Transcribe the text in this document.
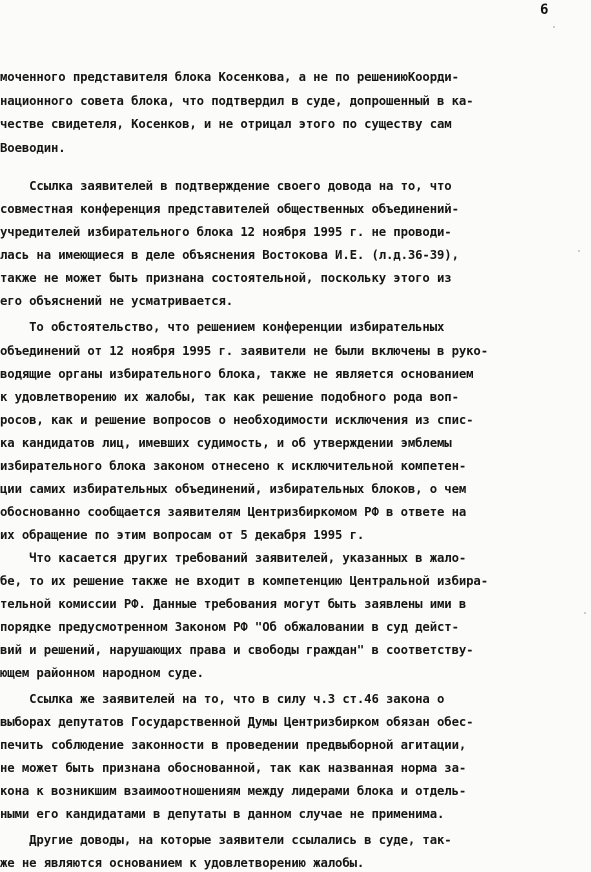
6
моченного представителя блока Косенкова, а не по решениюКоорди-
национного совета блока, что подтвердил в суде, допрошенный в ка-
честве свидетеля, Косенков, и не отрицал этого по существу сам
Воеводин.
Ссылка заявителей в подтверждение своего довода на то, что
совместная конференция представителей общественных объединений-
учредителей избирательного блока 12 ноября 1995 г. не проводи-
лась на имеющиеся в деле объяснения Востокова И.Е. (л.д.36-39),
также не может быть признана состоятельной, поскольку этого из
его объяснений не усматривается.
То обстоятельство, что решением конференции избирательных
объединений от 12 ноября 1995 г. заявители не были включены в руко-
водящие органы избирательного блока, также не является основанием
к удовлетворению их жалобы, так как решение подобного рода воп-
росов, как и решение вопросов о необходимости исключения из спис-
ка кандидатов лиц, имевших судимость, и об утверждении эмблемы
избирательного блока законом отнесено к исключительной компетен-
ции самих избирательных объединений, избирательных блоков, о чем
обоснованно сообщается заявителям Центризбиркомом РФ в ответе на
их обращение по этим вопросам от 5 декабря 1995 г.
Что касается других требований заявителей, указанных в жало-
бе, то их решение также не входит в компетенцию Центральной избира-
тельной комиссии РФ. Данные требования могут быть заявлены ими в
порядке предусмотренном Законом РФ "Об обжаловании в суд дейст-
вий и решений, нарушающих права и свободы граждан" в соответству-
ющем районном народном суде.
Ссылка же заявителей на то, что в силу ч.3 ст.46 закона о
выборах депутатов Государственной Думы Центризбирком обязан обес-
печить соблюдение законности в проведении предвыборной агитации,
не может быть признана обоснованной, так как названная норма за-
кона к возникшим взаимоотношениям между лидерами блока и отдель-
ными его кандидатами в депутаты в данном случае не применима.
Другие доводы, на которые заявители ссылались в суде, так-
же не являются основанием к удовлетворению жалобы.
